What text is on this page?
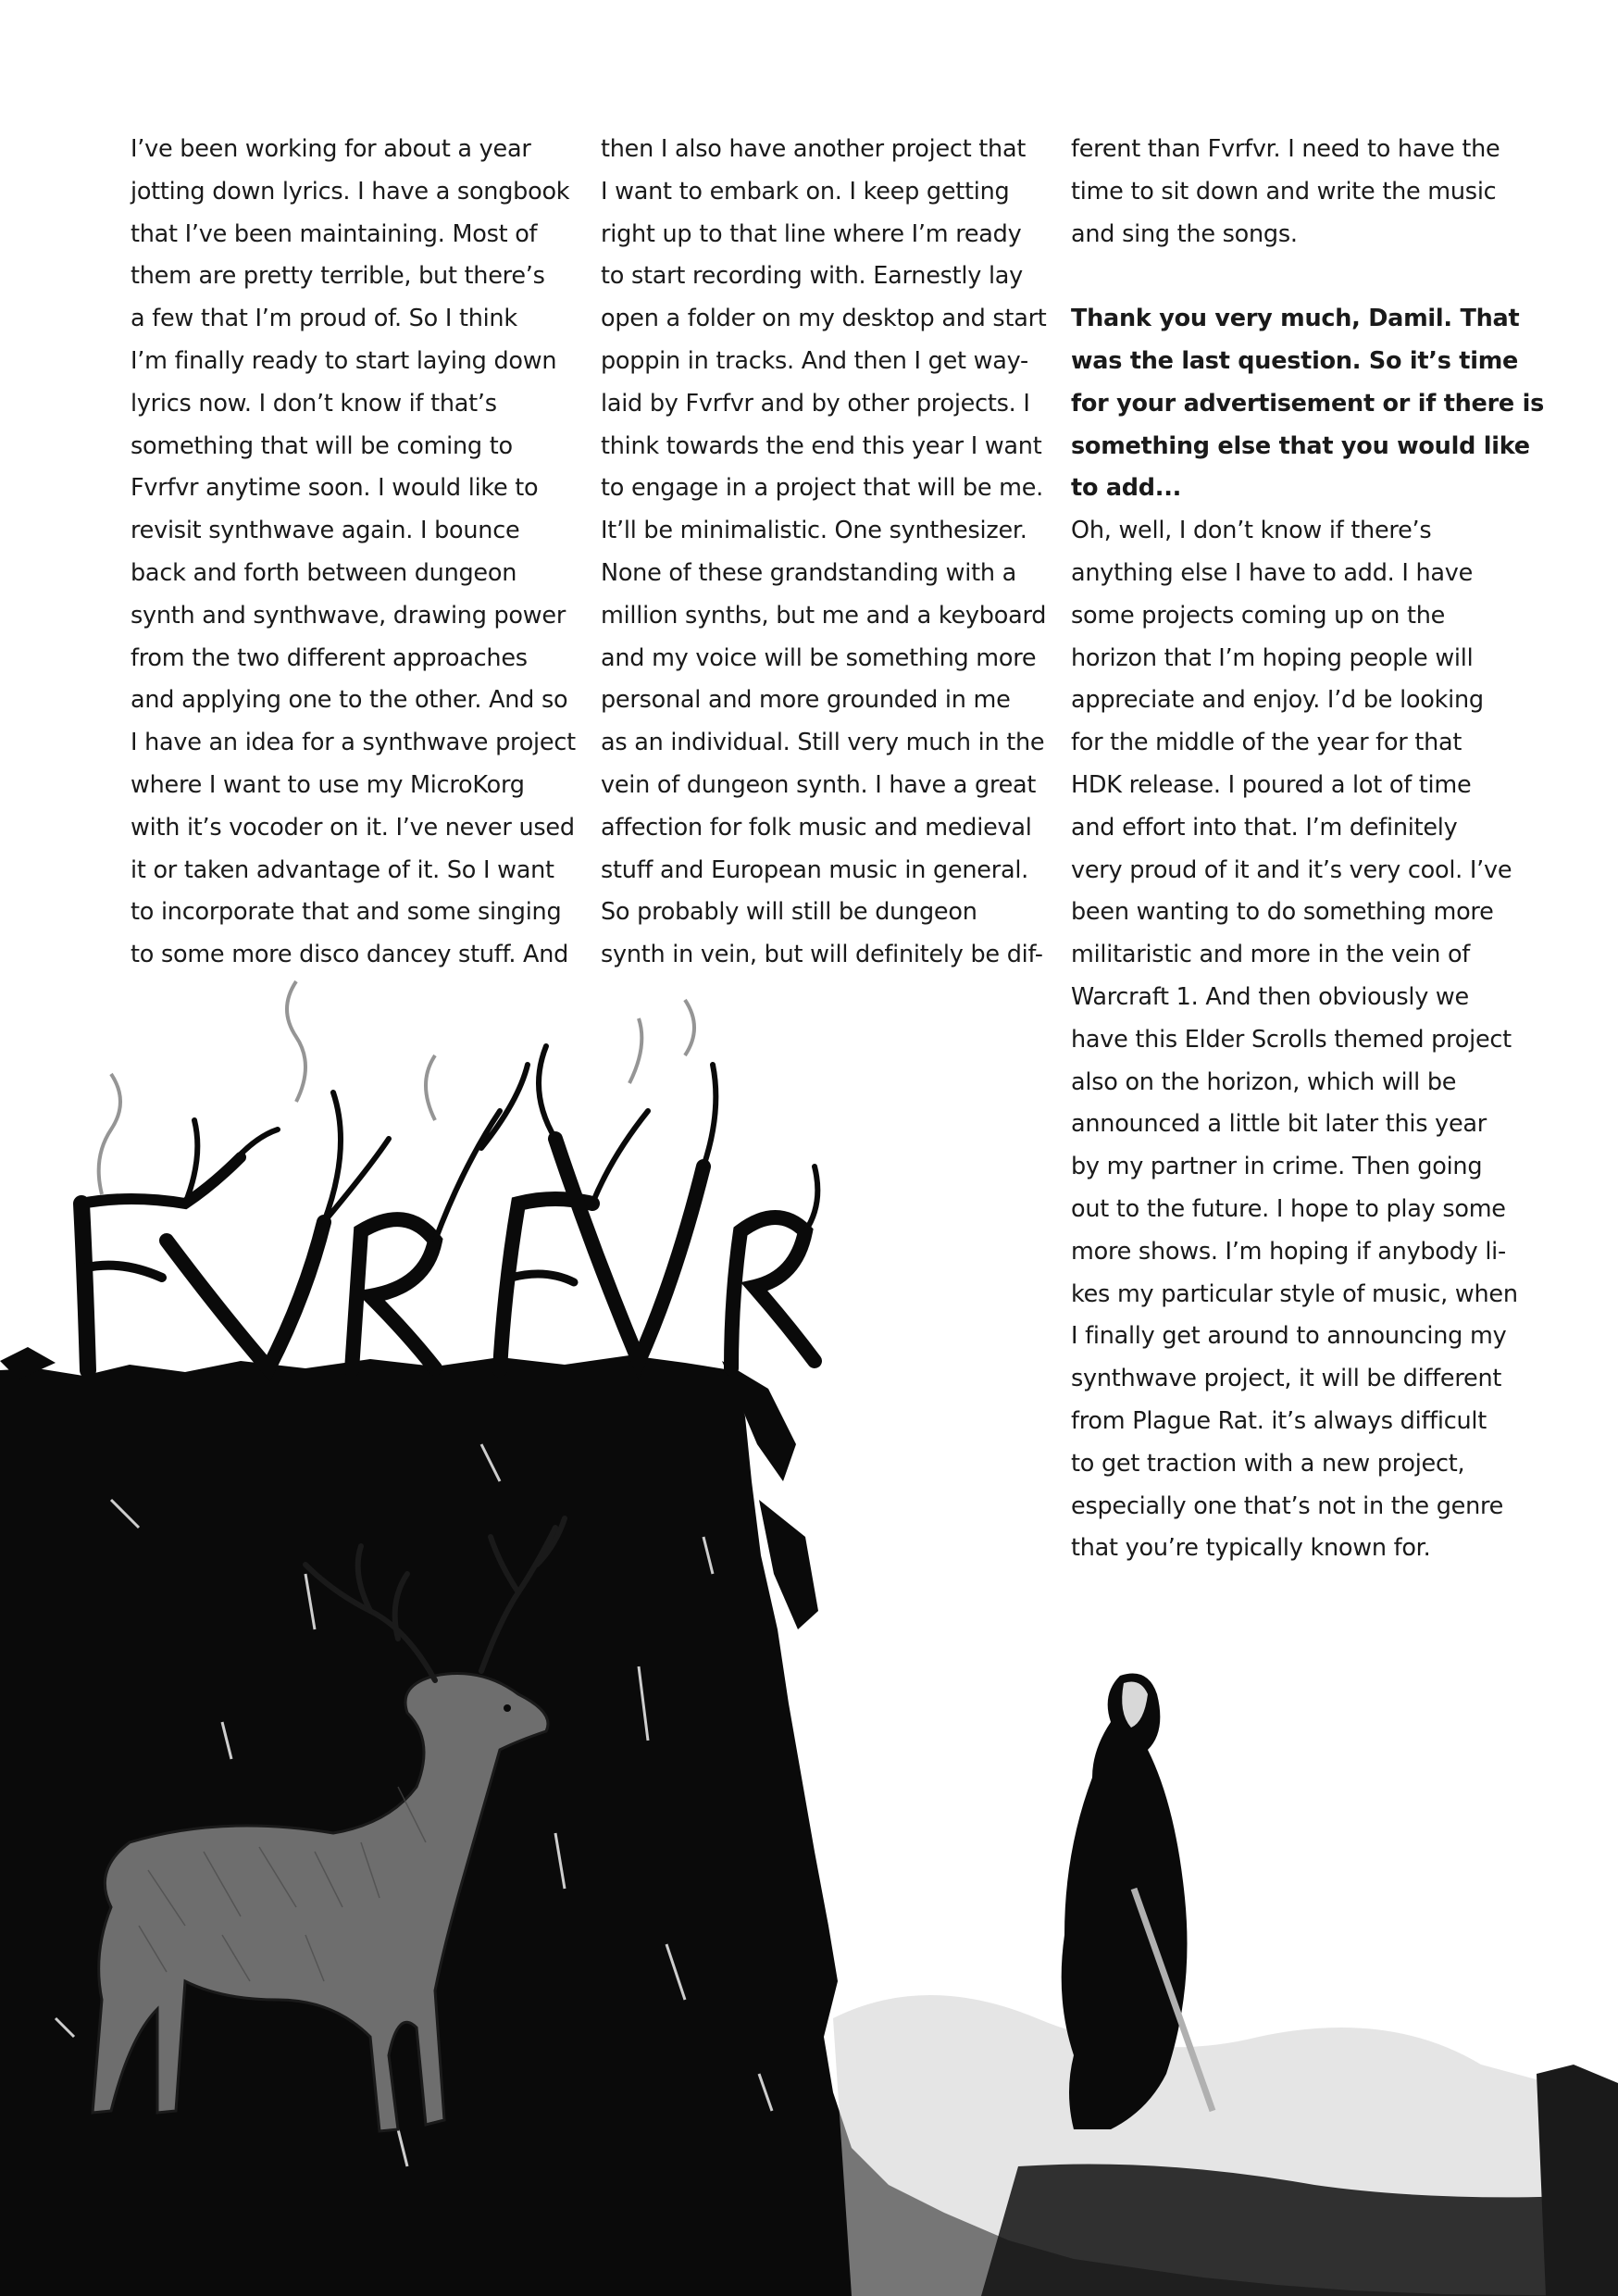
I’ve been working for about a year
jotting down lyrics. I have a songbook
that I’ve been maintaining. Most of
them are pretty terrible, but there’s
a few that I’m proud of. So I think
I’m finally ready to start laying down
lyrics now. I don’t know if that’s
something that will be coming to
Fvrfvr anytime soon. I would like to
revisit synthwave again. I bounce
back and forth between dungeon
synth and synthwave, drawing power
from the two different approaches
and applying one to the other. And so
I have an idea for a synthwave project
where I want to use my MicroKorg
with it’s vocoder on it. I’ve never used
it or taken advantage of it. So I want
to incorporate that and some singing
to some more disco dancey stuff. And

then I also have another project that
I want to embark on. I keep getting
right up to that line where I’m ready
to start recording with. Earnestly lay
open a folder on my desktop and start
poppin in tracks. And then I get way-
laid by Fvrfvr and by other projects. I
think towards the end this year I want
to engage in a project that will be me.
It’ll be minimalistic. One synthesizer.
None of these grandstanding with a
million synths, but me and a keyboard
and my voice will be something more
personal and more grounded in me
as an individual. Still very much in the
vein of dungeon synth. I have a great
affection for folk music and medieval
stuff and European music in general.
So probably will still be dungeon
synth in vein, but will definitely be dif-

ferent than Fvrfvr. I need to have the
time to sit down and write the music
and sing the songs.

Thank you very much, Damil. That
was the last question. So it’s time
for your advertisement or if there is
something else that you would like
to add...

Oh, well, I don’t know if there’s
anything else I have to add. I have
some projects coming up on the
horizon that I’m hoping people will
appreciate and enjoy. I’d be looking
for the middle of the year for that
HDK release. I poured a lot of time
and effort into that. I’m definitely
very proud of it and it’s very cool. I’ve
been wanting to do something more
militaristic and more in the vein of
Warcraft 1. And then obviously we
have this Elder Scrolls themed project
also on the horizon, which will be
announced a little bit later this year
by my partner in crime. Then going
out to the future. I hope to play some
more shows. I’m hoping if anybody li-
kes my particular style of music, when
I finally get around to announcing my
synthwave project, it will be different
from Plague Rat. it’s always difficult
to get traction with a new project,
especially one that’s not in the genre
that you’re typically known for.
